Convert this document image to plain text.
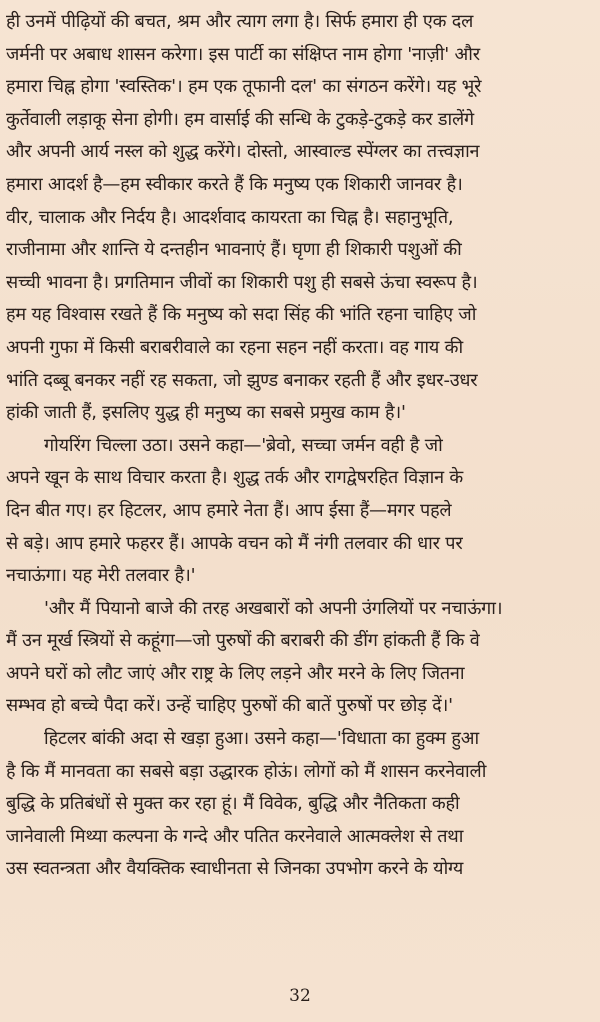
ही उनमें पीढ़ियों की बचत, श्रम और त्याग लगा है। सिर्फ हमारा ही एक दल
जर्मनी पर अबाध शासन करेगा। इस पार्टी का संक्षिप्त नाम होगा 'नाज़ी' और
हमारा चिह्न होगा 'स्वस्तिक'। हम एक तूफानी दल' का संगठन करेंगे। यह भूरे
कुर्तेवाली लड़ाकू सेना होगी। हम वार्साई की सन्धि के टुकड़े-टुकड़े कर डालेंगे
और अपनी आर्य नस्ल को शुद्ध करेंगे। दोस्तो, आस्वाल्ड स्पेंग्लर का तत्त्वज्ञान
हमारा आदर्श है—हम स्वीकार करते हैं कि मनुष्य एक शिकारी जानवर है।
वीर, चालाक और निर्दय है। आदर्शवाद कायरता का चिह्न है। सहानुभूति,
राजीनामा और शान्ति ये दन्तहीन भावनाएं हैं। घृणा ही शिकारी पशुओं की
सच्ची भावना है। प्रगतिमान जीवों का शिकारी पशु ही सबसे ऊंचा स्वरूप है।
हम यह विश्वास रखते हैं कि मनुष्य को सदा सिंह की भांति रहना चाहिए जो
अपनी गुफा में किसी बराबरीवाले का रहना सहन नहीं करता। वह गाय की
भांति दब्बू बनकर नहीं रह सकता, जो झुण्ड बनाकर रहती हैं और इधर-उधर
हांकी जाती हैं, इसलिए युद्ध ही मनुष्य का सबसे प्रमुख काम है।'
गोयरिंग चिल्ला उठा। उसने कहा—'ब्रेवो, सच्चा जर्मन वही है जो
अपने खून के साथ विचार करता है। शुद्ध तर्क और रागद्वेषरहित विज्ञान के
दिन बीत गए। हर हिटलर, आप हमारे नेता हैं। आप ईसा हैं—मगर पहले
से बड़े। आप हमारे फहरर हैं। आपके वचन को मैं नंगी तलवार की धार पर
नचाऊंगा। यह मेरी तलवार है।'
'और मैं पियानो बाजे की तरह अखबारों को अपनी उंगलियों पर नचाऊंगा।
मैं उन मूर्ख स्त्रियों से कहूंगा—जो पुरुषों की बराबरी की डींग हांकती हैं कि वे
अपने घरों को लौट जाएं और राष्ट्र के लिए लड़ने और मरने के लिए जितना
सम्भव हो बच्चे पैदा करें। उन्हें चाहिए पुरुषों की बातें पुरुषों पर छोड़ दें।'
हिटलर बांकी अदा से खड़ा हुआ। उसने कहा—'विधाता का हुक्म हुआ
है कि मैं मानवता का सबसे बड़ा उद्धारक होऊं। लोगों को मैं शासन करनेवाली
बुद्धि के प्रतिबंधों से मुक्त कर रहा हूं। मैं विवेक, बुद्धि और नैतिकता कही
जानेवाली मिथ्या कल्पना के गन्दे और पतित करनेवाले आत्मक्लेश से तथा
उस स्वतन्त्रता और वैयक्तिक स्वाधीनता से जिनका उपभोग करने के योग्य
32
